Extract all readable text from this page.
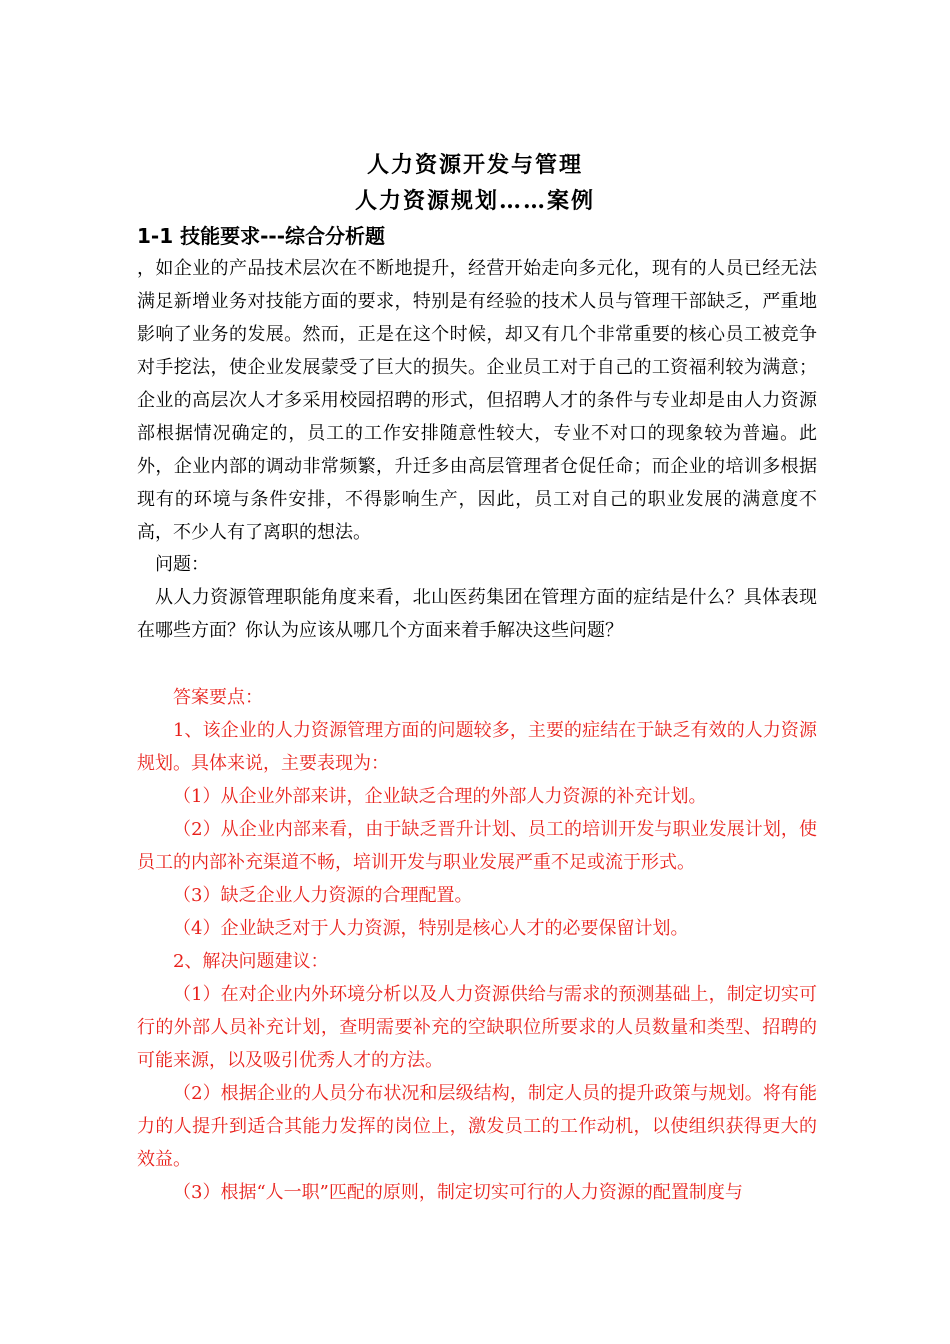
人力资源开发与管理
人力资源规划……案例
1-1 技能要求---综合分析题
，如企业的产品技术层次在不断地提升，经营开始走向多元化，现有的人员已经无法满足新增业务对技能方面的要求，特别是有经验的技术人员与管理干部缺乏，严重地影响了业务的发展。然而，正是在这个时候，却又有几个非常重要的核心员工被竞争对手挖法，使企业发展蒙受了巨大的损失。企业员工对于自己的工资福利较为满意；企业的高层次人才多采用校园招聘的形式，但招聘人才的条件与专业却是由人力资源部根据情况确定的，员工的工作安排随意性较大，专业不对口的现象较为普遍。此外，企业内部的调动非常频繁，升迁多由高层管理者仓促任命；而企业的培训多根据现有的环境与条件安排，不得影响生产，因此，员工对自己的职业发展的满意度不高，不少人有了离职的想法。
问题：
从人力资源管理职能角度来看，北山医药集团在管理方面的症结是什么？具体表现在哪些方面？你认为应该从哪几个方面来着手解决这些问题？
答案要点：
1、该企业的人力资源管理方面的问题较多，主要的症结在于缺乏有效的人力资源规划。具体来说，主要表现为：
（1）从企业外部来讲，企业缺乏合理的外部人力资源的补充计划。
（2）从企业内部来看，由于缺乏晋升计划、员工的培训开发与职业发展计划，使员工的内部补充渠道不畅，培训开发与职业发展严重不足或流于形式。
（3）缺乏企业人力资源的合理配置。
（4）企业缺乏对于人力资源，特别是核心人才的必要保留计划。
2、解决问题建议：
（1）在对企业内外环境分析以及人力资源供给与需求的预测基础上，制定切实可行的外部人员补充计划，查明需要补充的空缺职位所要求的人员数量和类型、招聘的可能来源，以及吸引优秀人才的方法。
（2）根据企业的人员分布状况和层级结构，制定人员的提升政策与规划。将有能力的人提升到适合其能力发挥的岗位上，激发员工的工作动机，以使组织获得更大的效益。
（3）根据“人一职”匹配的原则，制定切实可行的人力资源的配置制度与
